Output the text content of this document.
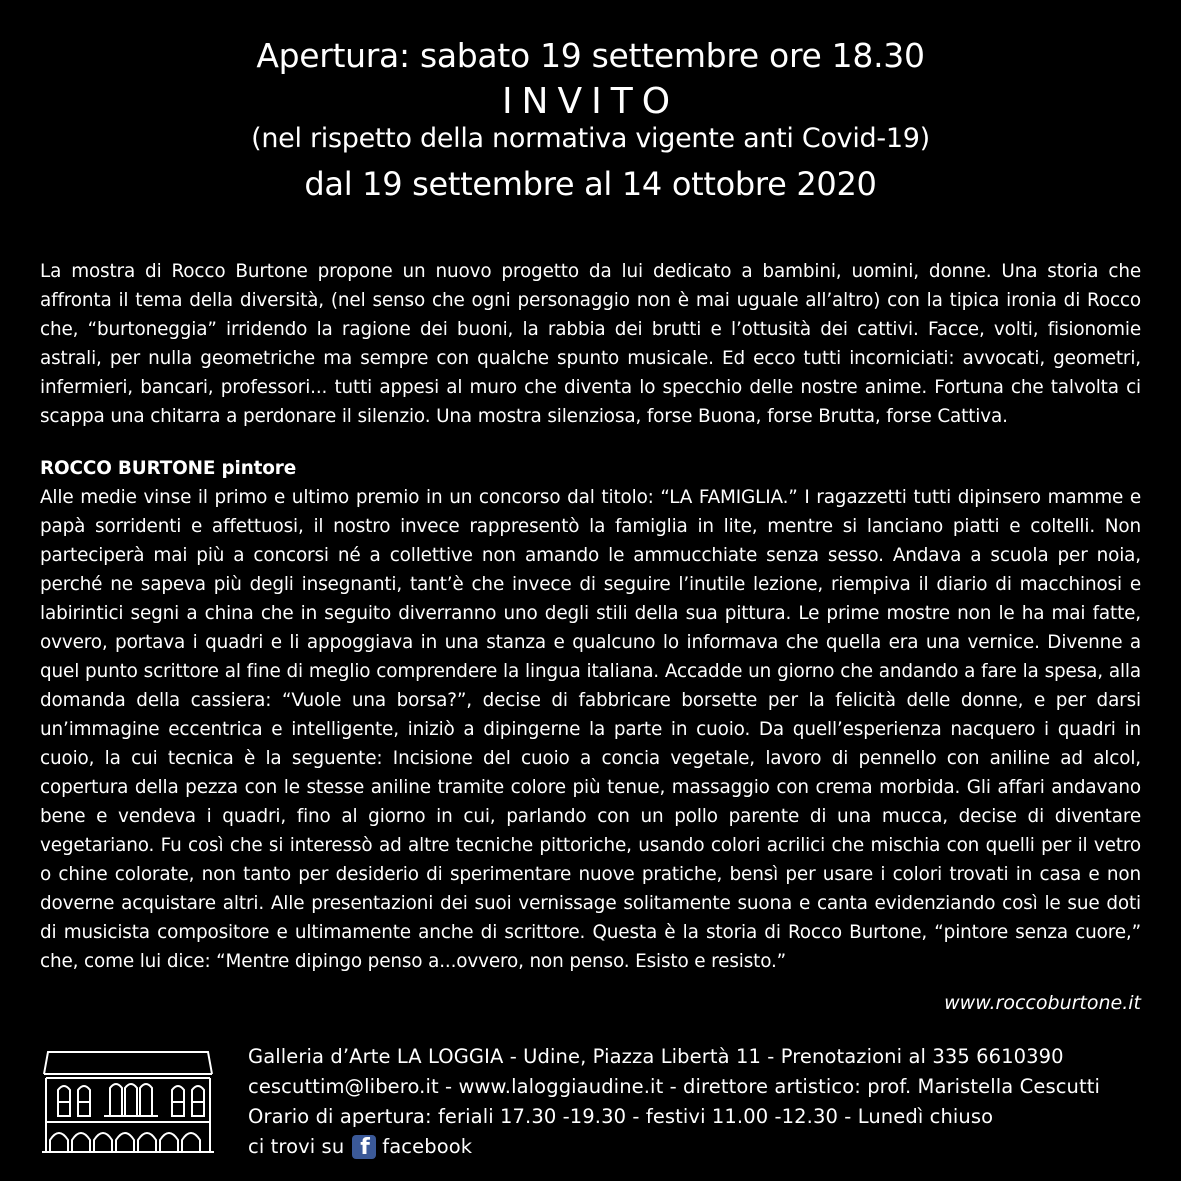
Apertura: sabato 19 settembre ore 18.30
INVITO
(nel rispetto della normativa vigente anti Covid-19)
dal 19 settembre al 14 ottobre 2020

La mostra di Rocco Burtone propone un nuovo progetto da lui dedicato a bambini, uomini, donne. Una storia che affronta il tema della diversità, (nel senso che ogni personaggio non è mai uguale all’altro) con la tipica ironia di Rocco che, “burtoneggia” irridendo la ragione dei buoni, la rabbia dei brutti e l’ottusità dei cattivi. Facce, volti, fisionomie astrali, per nulla geometriche ma sempre con qualche spunto musicale. Ed ecco tutti incorniciati: avvocati, geometri, infermieri, bancari, professori... tutti appesi al muro che diventa lo specchio delle nostre anime. Fortuna che talvolta ci scappa una chitarra a perdonare il silenzio. Una mostra silenziosa, forse Buona, forse Brutta, forse Cattiva.

ROCCO BURTONE pintore
Alle medie vinse il primo e ultimo premio in un concorso dal titolo: “LA FAMIGLIA.” I ragazzetti tutti dipinsero mamme e papà sorridenti e affettuosi, il nostro invece rappresentò la famiglia in lite, mentre si lanciano piatti e coltelli. Non parteciperà mai più a concorsi né a collettive non amando le ammucchiate senza sesso. Andava a scuola per noia, perché ne sapeva più degli insegnanti, tant’è che invece di seguire l’inutile lezione, riempiva il diario di macchinosi e labirintici segni a china che in seguito diverranno uno degli stili della sua pittura. Le prime mostre non le ha mai fatte, ovvero, portava i quadri e li appoggiava in una stanza e qualcuno lo informava che quella era una vernice. Divenne a quel punto scrittore al fine di meglio comprendere la lingua italiana. Accadde un giorno che andando a fare la spesa, alla domanda della cassiera: “Vuole una borsa?”, decise di fabbricare borsette per la felicità delle donne, e per darsi un’immagine eccentrica e intelligente, iniziò a dipingerne la parte in cuoio. Da quell’esperienza nacquero i quadri in cuoio, la cui tecnica è la seguente: Incisione del cuoio a concia vegetale, lavoro di pennello con aniline ad alcol, copertura della pezza con le stesse aniline tramite colore più tenue, massaggio con crema morbida. Gli affari andavano bene e vendeva i quadri, fino al giorno in cui, parlando con un pollo parente di una mucca, decise di diventare vegetariano. Fu così che si interessò ad altre tecniche pittoriche, usando colori acrilici che mischia con quelli per il vetro o chine colorate, non tanto per desiderio di sperimentare nuove pratiche, bensì per usare i colori trovati in casa e non doverne acquistare altri. Alle presentazioni dei suoi vernissage solitamente suona e canta evidenziando così le sue doti di musicista compositore e ultimamente anche di scrittore. Questa è la storia di Rocco Burtone, “pintore senza cuore,” che, come lui dice: “Mentre dipingo penso a...ovvero, non penso. Esisto e resisto.”
www.roccoburtone.it
Galleria d’Arte LA LOGGIA - Udine, Piazza Libertà 11 - Prenotazioni al 335 6610390
cescuttim@libero.it - www.laloggiaudine.it - direttore artistico: prof. Maristella Cescutti
Orario di apertura: feriali 17.30 -19.30 - festivi 11.00 -12.30 - Lunedì chiuso
ci trovi su f facebook
